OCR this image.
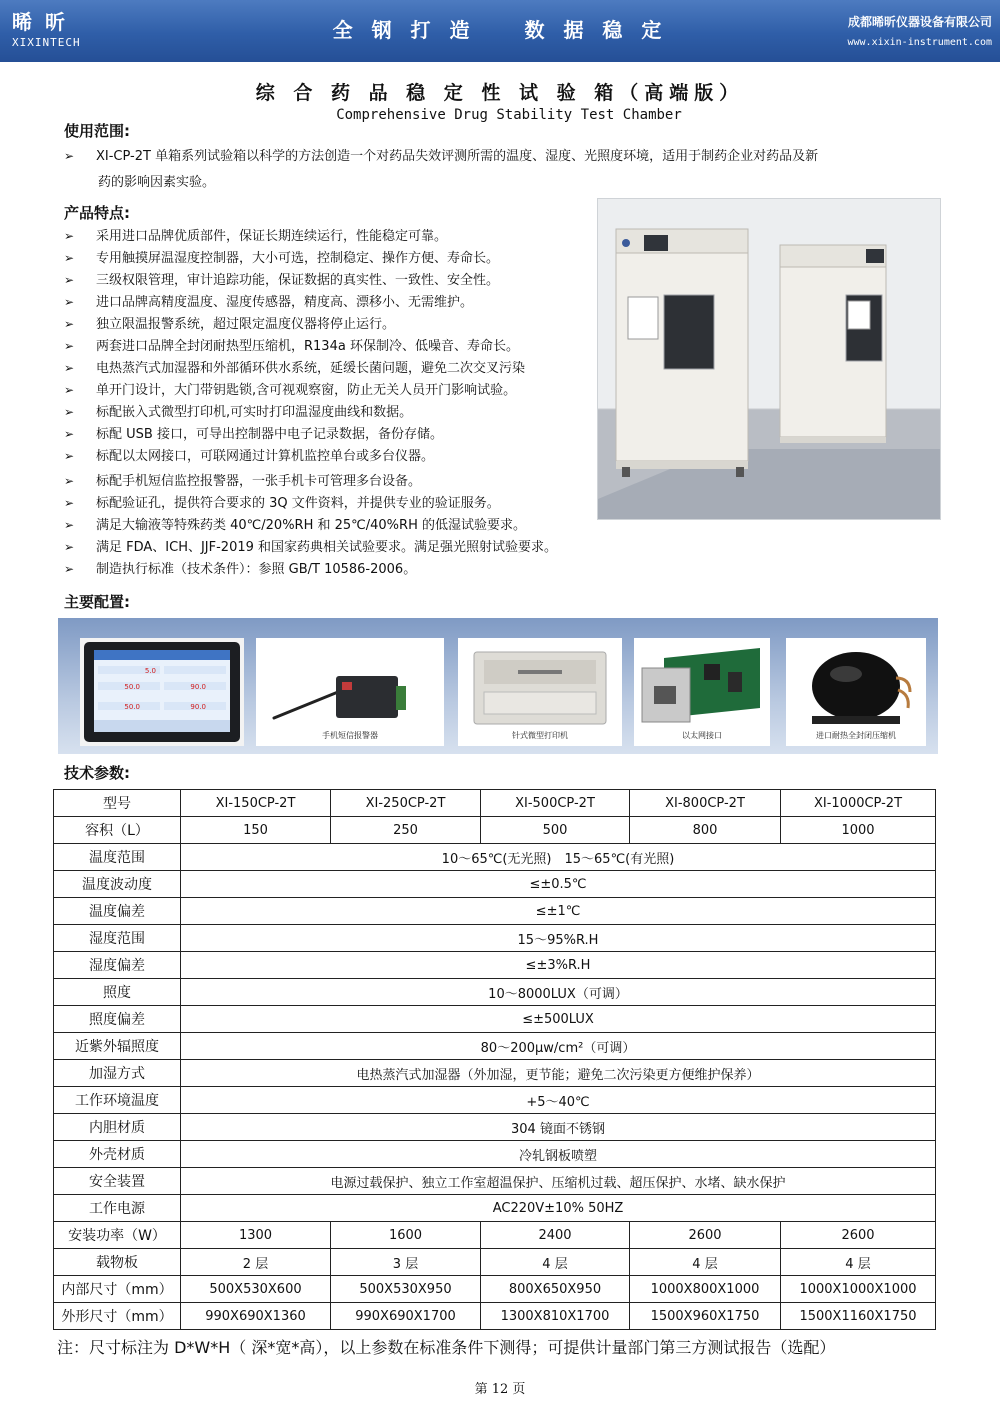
晞 昕
XIXINTECH
全 钢 打 造 数 据 稳 定	成都晞昕仪器设备有限公司
www.xixin-instrument.com
综 合 药 品 稳 定 性 试 验 箱（高端版）
Comprehensive Drug Stability Test Chamber
使用范围:
➢ XI-CP-2T 单箱系列试验箱以科学的方法创造一个对药品失效评测所需的温度、湿度、光照度环境，适用于制药企业对药品及新
药的影响因素实验。
产品特点:
➢ 采用进口品牌优质部件，保证长期连续运行，性能稳定可靠。
➢ 专用触摸屏温湿度控制器，大小可选，控制稳定、操作方便、寿命长。
➢ 三级权限管理，审计追踪功能，保证数据的真实性、一致性、安全性。
➢ 进口品牌高精度温度、湿度传感器，精度高、漂移小、无需维护。
➢ 独立限温报警系统，超过限定温度仪器将停止运行。
➢ 两套进口品牌全封闭耐热型压缩机，R134a 环保制冷、低噪音、寿命长。
➢ 电热蒸汽式加湿器和外部循环供水系统，延缓长菌问题，避免二次交叉污染
➢ 单开门设计，大门带钥匙锁,含可视观察窗，防止无关人员开门影响试验。
➢ 标配嵌入式微型打印机,可实时打印温湿度曲线和数据。
➢ 标配 USB 接口，可导出控制器中电子记录数据，备份存储。
➢ 标配以太网接口，可联网通过计算机监控单台或多台仪器。
➢ 标配手机短信监控报警器，一张手机卡可管理多台设备。
➢ 标配验证孔，提供符合要求的 3Q 文件资料，并提供专业的验证服务。
➢ 满足大输液等特殊药类 40℃/20%RH 和 25℃/40%RH 的低湿试验要求。
➢ 满足 FDA、ICH、JJF-2019 和国家药典相关试验要求。满足强光照射试验要求。
➢ 制造执行标准（技术条件）：参照 GB/T 10586-2006。
主要配置:
5.0
50.0	90.0
50.0	90.0
手机短信报警器	针式微型打印机	以太网接口	进口耐热全封闭压缩机
技术参数:
型号	XI-150CP-2T	XI-250CP-2T	XI-500CP-2T	XI-800CP-2T	XI-1000CP-2T
容积（L）	150	250	500	800	1000
温度范围	10～65℃(无光照)　15～65℃(有光照)				
温度波动度	≤±0.5℃				
温度偏差	≤±1℃				
湿度范围	15～95%R.H				
湿度偏差	≤±3%R.H				
照度	10～8000LUX（可调）				
照度偏差	≤±500LUX				
近紫外辐照度	80～200μw/cm²（可调）				
加湿方式	电热蒸汽式加湿器（外加湿，更节能；避免二次污染更方便维护保养）				
工作环境温度	+5～40℃				
内胆材质	304 镜面不锈钢				
外壳材质	冷轧钢板喷塑				
安全装置	电源过载保护、独立工作室超温保护、压缩机过载、超压保护、水堵、缺水保护				
工作电源	AC220V±10% 50HZ				
安装功率（W）	1300	1600	2400	2600	2600
载物板	2 层	3 层	4 层	4 层	4 层
内部尺寸（mm）	500X530X600	500X530X950	800X650X950	1000X800X1000	1000X1000X1000
外形尺寸（mm）	990X690X1360	990X690X1700	1300X810X1700	1500X960X1750	1500X1160X1750
注：尺寸标注为 D*W*H（ 深*宽*高），以上参数在标准条件下测得；可提供计量部门第三方测试报告（选配）
第 12 页
